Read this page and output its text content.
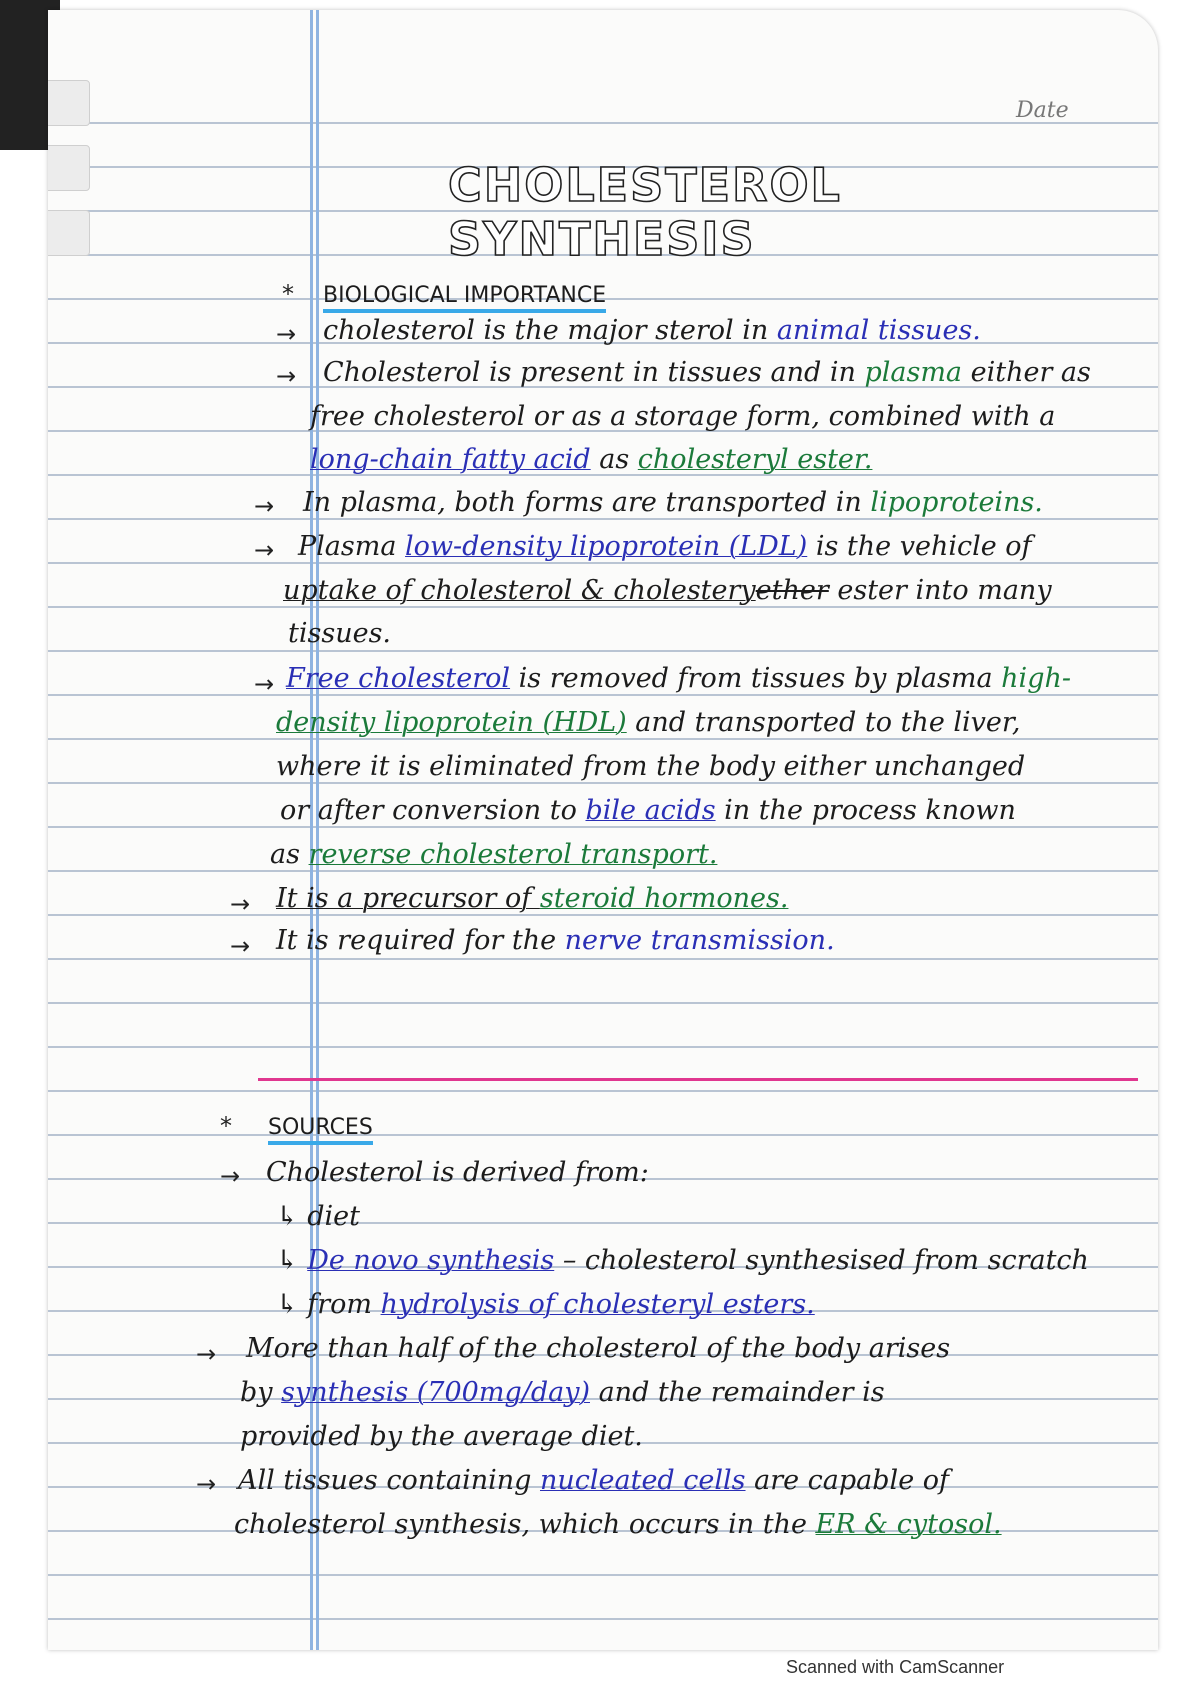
Date
CHOLESTEROL SYNTHESIS
* BIOLOGICAL IMPORTANCE
→ cholesterol is the major sterol in animal tissues.
→ Cholesterol is present in tissues and in plasma either as
free cholesterol or as a storage form, combined with a
long-chain fatty acid as cholesteryl ester.
→ In plasma, both forms are transported in lipoproteins.
→ Plasma low-density lipoprotein (LDL) is the vehicle of
uptake of cholesterol & cholesteryether ester into many
tissues.
→ Free cholesterol is removed from tissues by plasma high-
density lipoprotein (HDL) and transported to the liver,
where it is eliminated from the body either unchanged
or after conversion to bile acids in the process known
as reverse cholesterol transport.
→ It is a precursor of steroid hormones.
→ It is required for the nerve transmission.
* SOURCES
→ Cholesterol is derived from:
↳ diet
↳ De novo synthesis – cholesterol synthesised from scratch
↳ from hydrolysis of cholesteryl esters.
→ More than half of the cholesterol of the body arises
by synthesis (700mg/day) and the remainder is
provided by the average diet.
→ All tissues containing nucleated cells are capable of
cholesterol synthesis, which occurs in the ER & cytosol.
Scanned with CamScanner
